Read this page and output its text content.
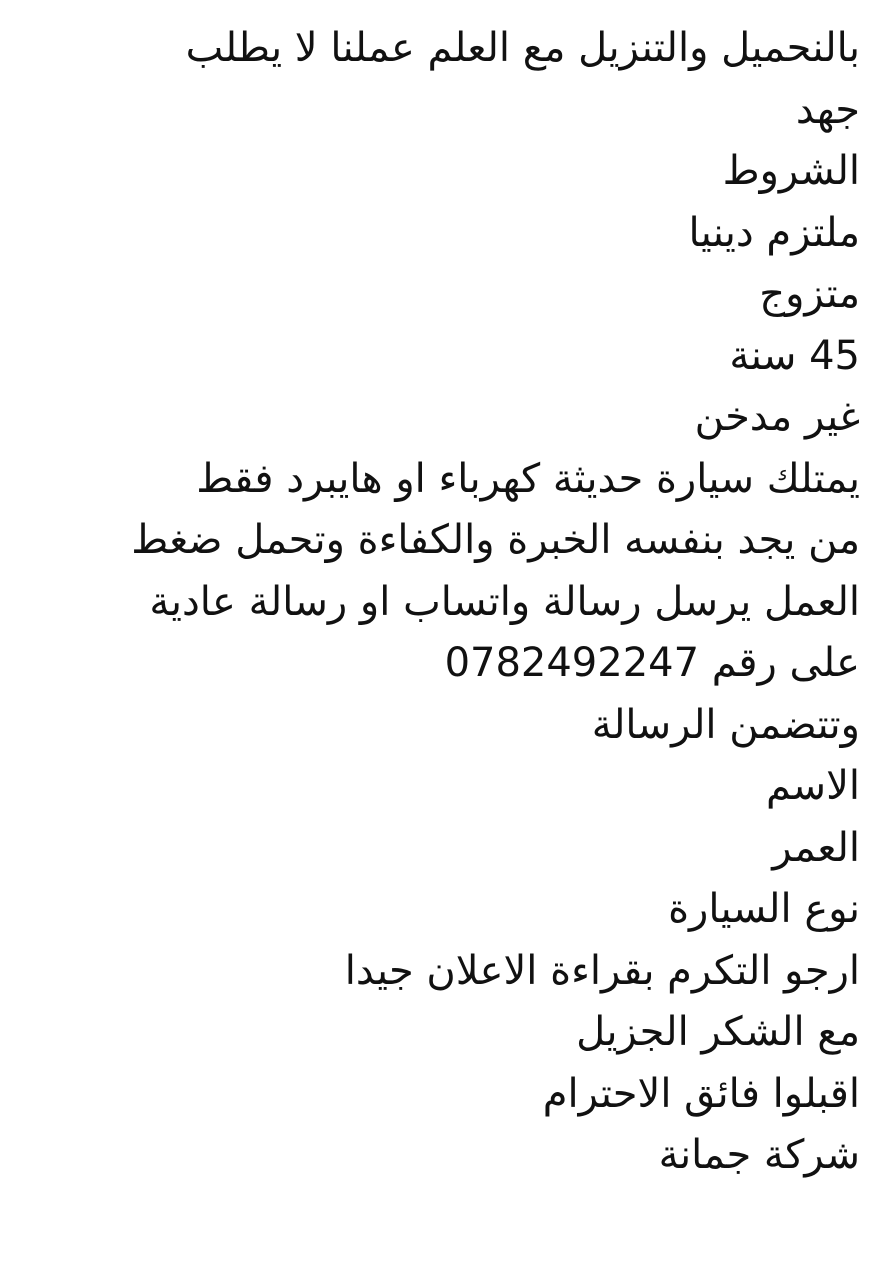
بالنحميل والتنزيل مع العلم عملنا لا يطلب
جهد
الشروط
ملتزم دينيا
متزوج
45 سنة
غير مدخن
يمتلك سيارة حديثة كهرباء او هايبرد فقط
من يجد بنفسه الخبرة والكفاءة وتحمل ضغط
العمل يرسل رسالة واتساب او رسالة عادية
على رقم 0782492247
وتتضمن الرسالة
الاسم
العمر
نوع السيارة
ارجو التكرم بقراءة الاعلان جيدا
مع الشكر الجزيل
اقبلوا فائق الاحترام
شركة جمانة
